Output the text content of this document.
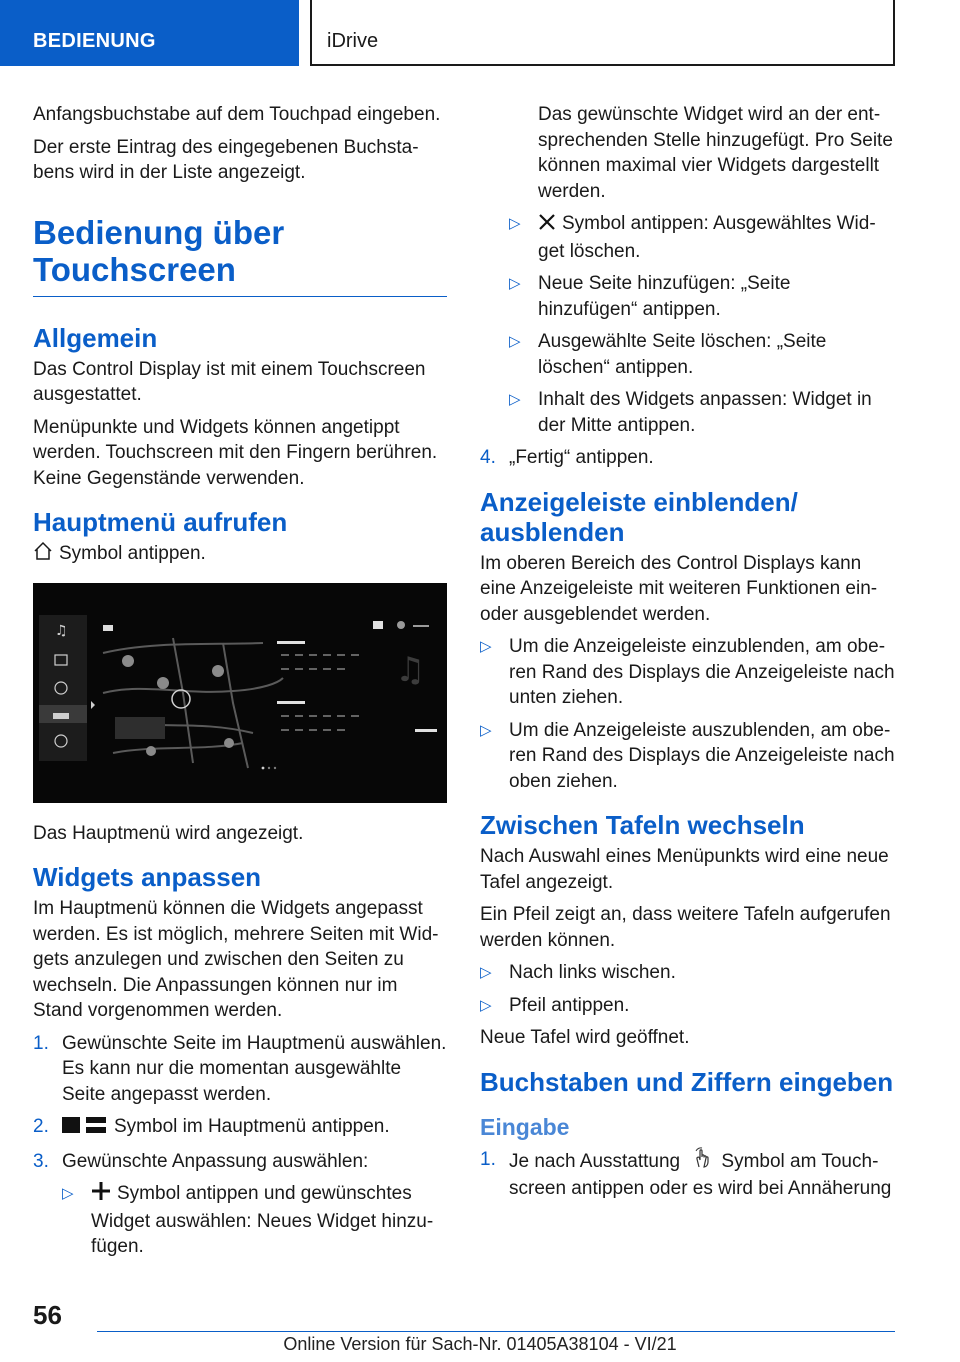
BEDIENUNG	iDrive

Anfangsbuchstabe auf dem Touchpad eingeben.

Der erste Eintrag des eingegebenen Buchstabens wird in der Liste angezeigt.

Bedienung über Touchscreen
Allgemein

Das Control Display ist mit einem Touchscreen ausgestattet.

Menüpunkte und Widgets können angetippt werden. Touchscreen mit den Fingern berühren. Keine Gegenstände verwenden.

Hauptmenü aufrufen

Symbol antippen.

♫
♫

Das Hauptmenü wird angezeigt.

Widgets anpassen

Im Hauptmenü können die Widgets angepasst werden. Es ist möglich, mehrere Seiten mit Widgets anzulegen und zwischen den Seiten zu wechseln. Die Anpassungen können nur im Stand vorgenommen werden.

1. Gewünschte Seite im Hauptmenü auswählen. Es kann nur die momentan ausgewählte Seite angepasst werden.
2.	Symbol im Hauptmenü antippen.
3. Gewünschte Anpassung auswählen:
▷ Symbol antippen und gewünschtes Widget auswählen: Neues Widget hinzufügen.
Das gewünschte Widget wird an der entsprechenden Stelle hinzugefügt. Pro Seite können maximal vier Widgets dargestellt werden.
▷ Symbol antippen: Ausgewähltes Widget löschen.
▷ Neue Seite hinzufügen: „Seite hinzufügen“ antippen.
▷ Ausgewählte Seite löschen: „Seite löschen“ antippen.
▷ Inhalt des Widgets anpassen: Widget in der Mitte antippen.
4. „Fertig“ antippen.
Anzeigeleiste einblenden/ ausblenden

Im oberen Bereich des Control Displays kann eine Anzeigeleiste mit weiteren Funktionen einoder ausgeblendet werden.

▷ Um die Anzeigeleiste einzublenden, am oberen Rand des Displays die Anzeigeleiste nach unten ziehen.
▷ Um die Anzeigeleiste auszublenden, am oberen Rand des Displays die Anzeigeleiste nach oben ziehen.
Zwischen Tafeln wechseln

Nach Auswahl eines Menüpunkts wird eine neue Tafel angezeigt.

Ein Pfeil zeigt an, dass weitere Tafeln aufgerufen werden können.

▷ Nach links wischen.
▷ Pfeil antippen.

Neue Tafel wird geöffnet.

Buchstaben und Ziffern eingeben
Eingabe
1. Je nach Ausstattung Symbol am Touchscreen antippen oder es wird bei Annäherung
56
Online Version für Sach-Nr. 01405A38104 - VI/21
